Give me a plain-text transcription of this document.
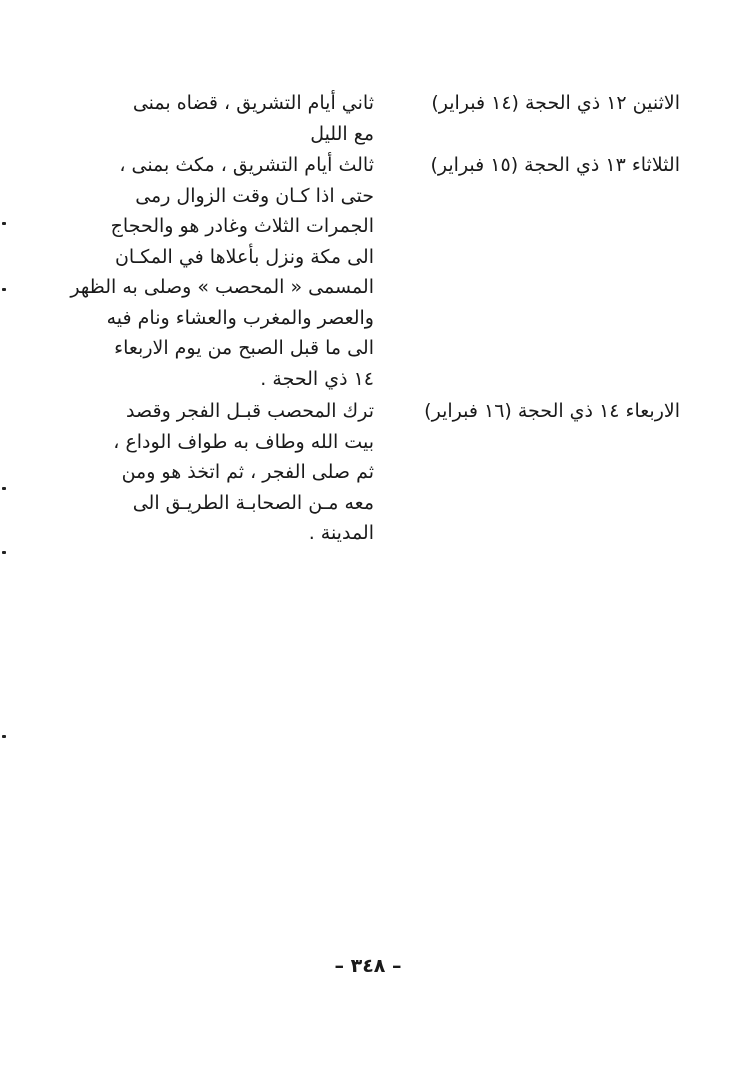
الاثنين ١٢ ذي الحجة (١٤ فبراير)
ثاني أيام التشريق ، قضاه بمنى
مع الليل
الثلاثاء ١٣ ذي الحجة (١٥ فبراير)
ثالث أيام التشريق ، مكث بمنى ،
حتى اذا كـان وقت الزوال رمى
الجمرات الثلاث وغادر هو والحجاج
الى مكة ونزل بأعلاها في المكـان
المسمى « المحصب » وصلى به الظهر
والعصر والمغرب والعشاء ونام فيه
الى ما قبل الصبح من يوم الاربعاء
١٤ ذي الحجة .
الاربعاء ١٤ ذي الحجة (١٦ فبراير)
ترك المحصب قبـل الفجر وقصد
بيت الله وطاف به طواف الوداع ،
ثم صلى الفجر ، ثم اتخذ هو ومن
معه مـن الصحابـة الطريـق الى
المدينة .
– ٣٤٨ –
